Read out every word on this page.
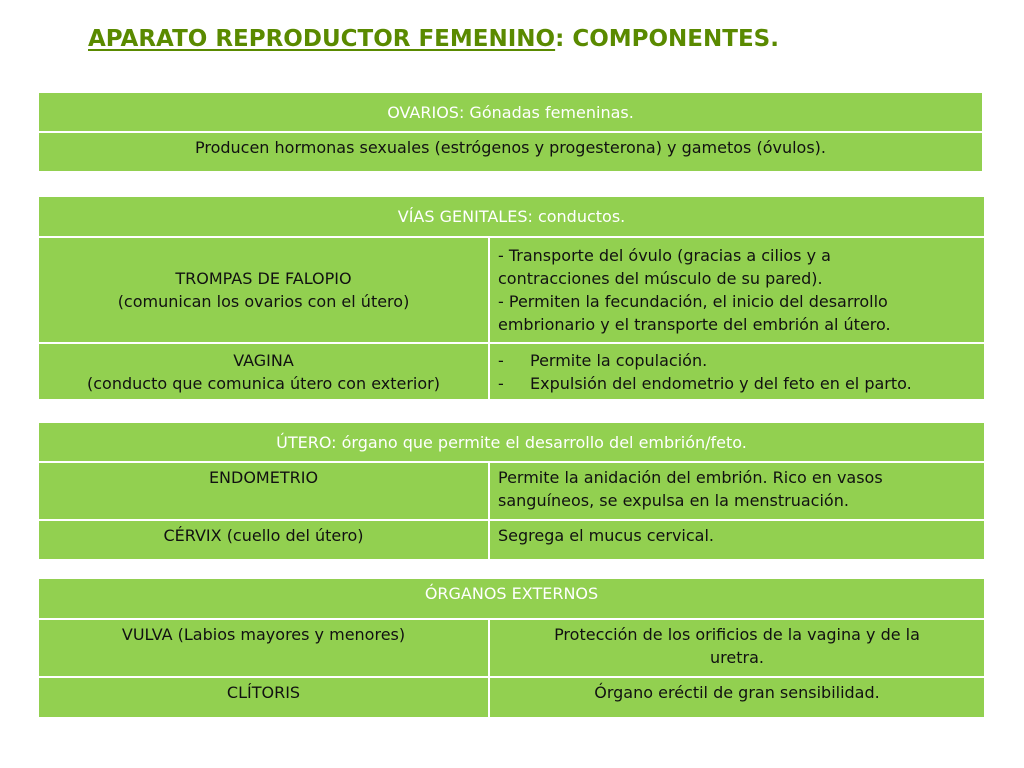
APARATO REPRODUCTOR FEMENINO: COMPONENTES.
OVARIOS: Gónadas femeninas.
Producen hormonas sexuales (estrógenos y progesterona) y gametos (óvulos).
VÍAS GENITALES: conductos.	

TROMPAS DE FALOPIO
(comunican los ovarios con el útero)	- Transporte del óvulo (gracias a cilios y a
contracciones del músculo de su pared).
- Permiten la fecundación, el inicio del desarrollo
embrionario y el transporte del embrión al útero.

VAGINA
(conducto que comunica útero con exterior)	- Permite la copulación.
- Expulsión del endometrio y del feto en el parto.
ÚTERO: órgano que permite el desarrollo del embrión/feto.	
ENDOMETRIO	Permite la anidación del embrión. Rico en vasos
sanguíneos, se expulsa en la menstruación.

CÉRVIX (cuello del útero)	Segrega el mucus cervical.
ÓRGANOS EXTERNOS	
VULVA (Labios mayores y menores)	Protección de los orificios de la vagina y de la
uretra.

CLÍTORIS	Órgano eréctil de gran sensibilidad.
